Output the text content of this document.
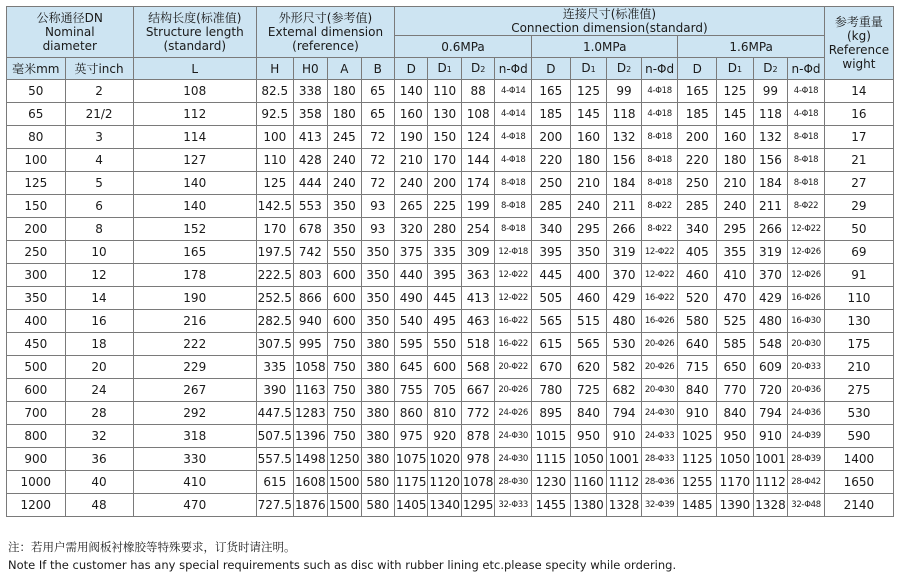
公称通径DN
Nominal
diameter		结构长度(标准值)
Structure length
(standard)	外形尺寸(参考值)
Extemal dimension
(reference)				连接尺寸(标准值)
Connection dimension(standard)												参考重量
(kg)
Reference
wight
							0.6MPa				1.0MPa				1.6MPa				
毫米mm	英寸inch	L	H	H0	A	B	D	D1	D2	n-Φd	D	D1	D2	n-Φd	D	D1	D2	n-Φd	
50	2	108	82.5	338	180	65	140	110	88	4-Φ14	165	125	99	4-Φ18	165	125	99	4-Φ18	14
65	21/2	112	92.5	358	180	65	160	130	108	4-Φ14	185	145	118	4-Φ18	185	145	118	4-Φ18	16
80	3	114	100	413	245	72	190	150	124	4-Φ18	200	160	132	8-Φ18	200	160	132	8-Φ18	17
100	4	127	110	428	240	72	210	170	144	4-Φ18	220	180	156	8-Φ18	220	180	156	8-Φ18	21
125	5	140	125	444	240	72	240	200	174	8-Φ18	250	210	184	8-Φ18	250	210	184	8-Φ18	27
150	6	140	142.5	553	350	93	265	225	199	8-Φ18	285	240	211	8-Φ22	285	240	211	8-Φ22	29
200	8	152	170	678	350	93	320	280	254	8-Φ18	340	295	266	8-Φ22	340	295	266	12-Φ22	50
250	10	165	197.5	742	550	350	375	335	309	12-Φ18	395	350	319	12-Φ22	405	355	319	12-Φ26	69
300	12	178	222.5	803	600	350	440	395	363	12-Φ22	445	400	370	12-Φ22	460	410	370	12-Φ26	91
350	14	190	252.5	866	600	350	490	445	413	12-Φ22	505	460	429	16-Φ22	520	470	429	16-Φ26	110
400	16	216	282.5	940	600	350	540	495	463	16-Φ22	565	515	480	16-Φ26	580	525	480	16-Φ30	130
450	18	222	307.5	995	750	380	595	550	518	16-Φ22	615	565	530	20-Φ26	640	585	548	20-Φ30	175
500	20	229	335	1058	750	380	645	600	568	20-Φ22	670	620	582	20-Φ26	715	650	609	20-Φ33	210
600	24	267	390	1163	750	380	755	705	667	20-Φ26	780	725	682	20-Φ30	840	770	720	20-Φ36	275
700	28	292	447.5	1283	750	380	860	810	772	24-Φ26	895	840	794	24-Φ30	910	840	794	24-Φ36	530
800	32	318	507.5	1396	750	380	975	920	878	24-Φ30	1015	950	910	24-Φ33	1025	950	910	24-Φ39	590
900	36	330	557.5	1498	1250	380	1075	1020	978	24-Φ30	1115	1050	1001	28-Φ33	1125	1050	1001	28-Φ39	1400
1000	40	410	615	1608	1500	580	1175	1120	1078	28-Φ30	1230	1160	1112	28-Φ36	1255	1170	1112	28-Φ42	1650
1200	48	470	727.5	1876	1500	580	1405	1340	1295	32-Φ33	1455	1380	1328	32-Φ39	1485	1390	1328	32-Φ48	2140
注：若用户需用阀板衬橡胶等特殊要求，订货时请注明。
Note If the customer has any special requirements such as disc with rubber lining etc.please specity while ordering.
